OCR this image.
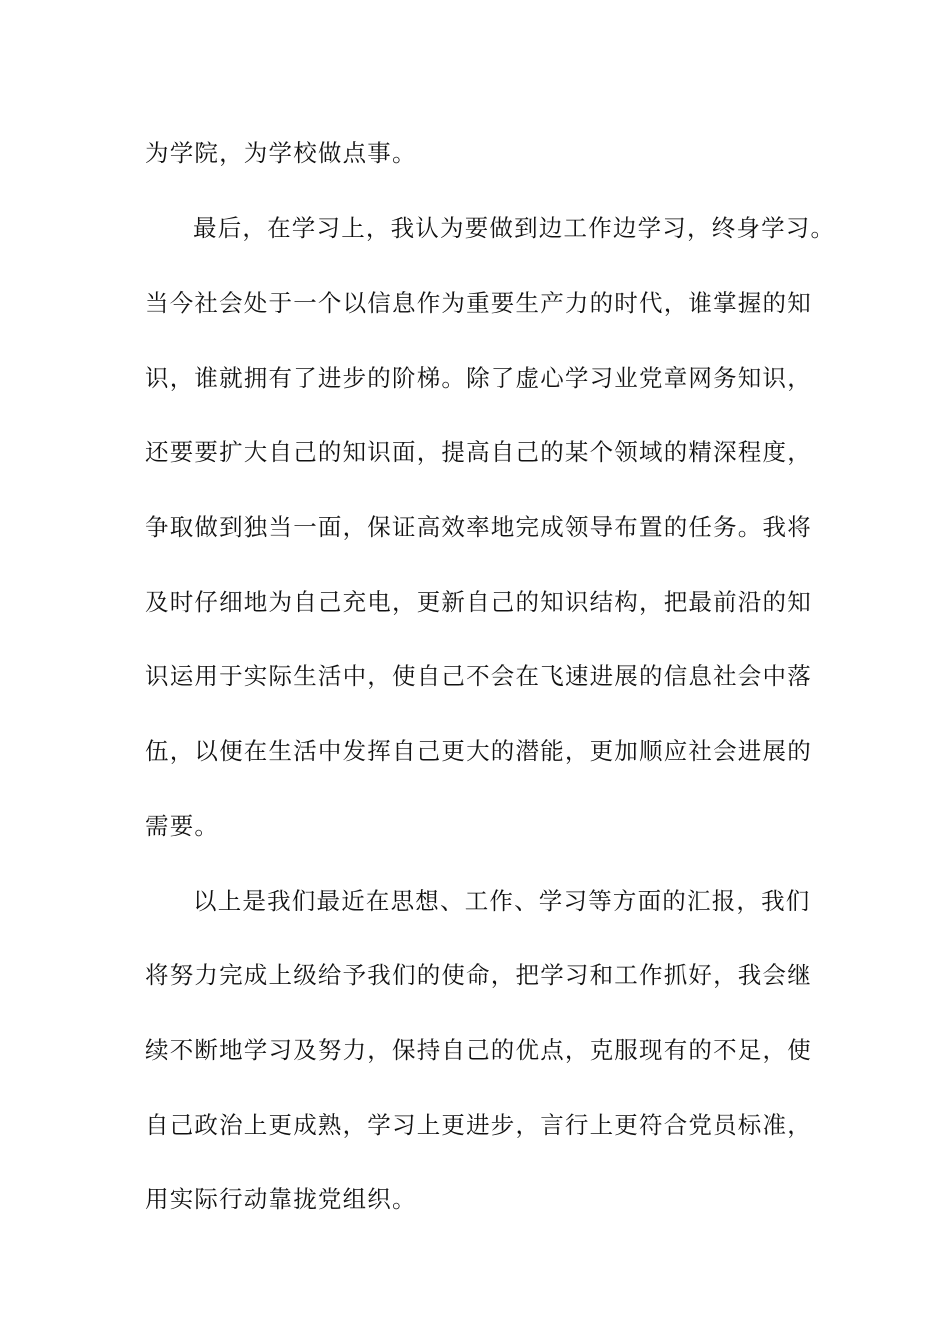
为学院，为学校做点事。
最后，在学习上，我认为要做到边工作边学习，终身学习。
当今社会处于一个以信息作为重要生产力的时代，谁掌握的知
识，谁就拥有了进步的阶梯。除了虚心学习业党章网务知识，
还要要扩大自己的知识面，提高自己的某个领域的精深程度，
争取做到独当一面，保证高效率地完成领导布置的任务。我将
及时仔细地为自己充电，更新自己的知识结构，把最前沿的知
识运用于实际生活中，使自己不会在飞速进展的信息社会中落
伍，以便在生活中发挥自己更大的潜能，更加顺应社会进展的
需要。
以上是我们最近在思想、工作、学习等方面的汇报，我们
将努力完成上级给予我们的使命，把学习和工作抓好，我会继
续不断地学习及努力，保持自己的优点，克服现有的不足，使
自己政治上更成熟，学习上更进步，言行上更符合党员标准，
用实际行动靠拢党组织。
